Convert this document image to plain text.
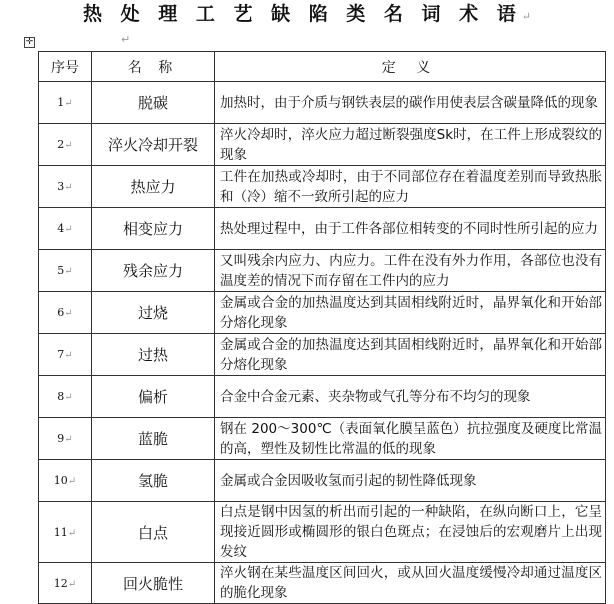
热 处 理 工 艺 缺 陷 类 名 词 术 语↵
✛	↵
序号	名 称	定 义
1↵	脱碳	加热时，由于介质与钢铁表层的碳作用使表层含碳量降低的现象
2↵	淬火冷却开裂	淬火冷却时，淬火应力超过断裂强度Sk时，在工件上形成裂纹的现象
3↵	热应力	工件在加热或冷却时，由于不同部位存在着温度差别而导致热胀和（冷）缩不一致所引起的应力
4↵	相变应力	热处理过程中，由于工件各部位相转变的不同时性所引起的应力
5↵	残余应力	又叫残余内应力、内应力。工件在没有外力作用，各部位也没有温度差的情况下而存留在工件内的应力
6↵	过烧	金属或合金的加热温度达到其固相线附近时，晶界氧化和开始部分熔化现象
7↵	过热	金属或合金的加热温度达到其固相线附近时，晶界氧化和开始部分熔化现象
8↵	偏析	合金中合金元素、夹杂物或气孔等分布不均匀的现象
9↵	蓝脆	钢在 200～300℃（表面氧化膜呈蓝色）抗拉强度及硬度比常温的高，塑性及韧性比常温的低的现象
10↵	氢脆	金属或合金因吸收氢而引起的韧性降低现象
11↵	白点	白点是钢中因氢的析出而引起的一种缺陷，在纵向断口上，它呈现接近圆形或椭圆形的银白色斑点；在浸蚀后的宏观磨片上出现发纹
12↵	回火脆性	淬火钢在某些温度区间回火，或从回火温度缓慢冷却通过温度区的脆化现象
